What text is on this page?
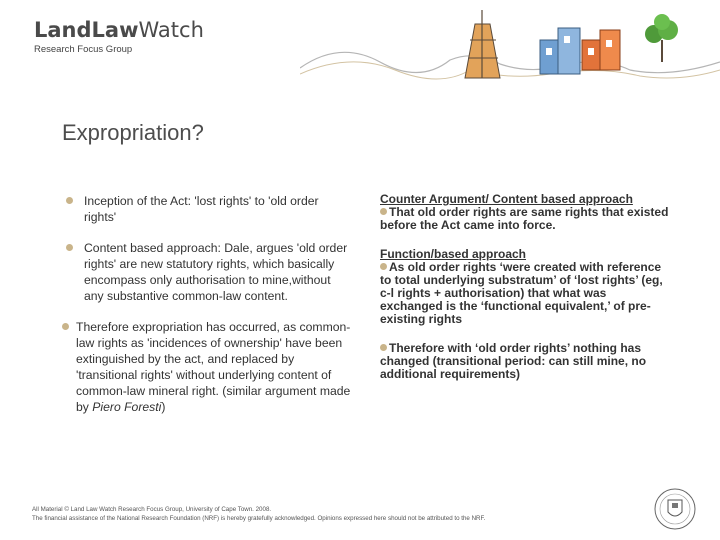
LandLawWatch
Research Focus Group
Expropriation?
Inception of the Act: 'lost rights' to 'old order rights'
Content based approach: Dale, argues 'old order rights' are new statutory rights, which basically encompass only authorisation to mine,without any substantive common-law content.
Therefore expropriation has occurred, as common-law rights as 'incidences of ownership' have been extinguished by the act, and replaced by 'transitional rights' without underlying content of common-law mineral right. (similar argument made by Piero Foresti)
Counter Argument/ Content based approach
That old order rights are same rights that existed before the Act came into force.
Function/based approach
As old order rights ‘were created with reference to total underlying substratum’ of ‘lost rights’ (eg, c-l rights + authorisation) that what was exchanged is the ‘functional equivalent,’ of pre-existing rights
Therefore with ‘old order rights’ nothing has changed (transitional period: can still mine, no additional requirements)
All Material © Land Law Watch Research Focus Group, University of Cape Town. 2008.
The financial assistance of the National Research Foundation (NRF) is hereby gratefully acknowledged. Opinions expressed here should not be attributed to the NRF.
